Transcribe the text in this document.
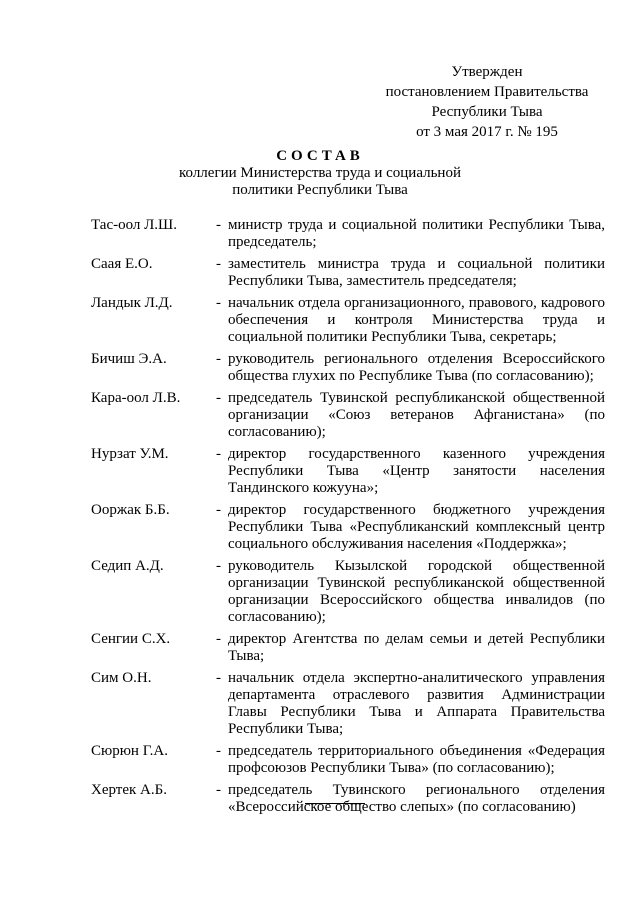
Утвержден
постановлением Правительства
Республики Тыва
от 3 мая 2017 г. № 195
СОСТАВ
коллегии Министерства труда и социальной
политики Республики Тыва
Тас-оол Л.Ш.	- министр труда и социальной политики Республики Тыва, председатель;
Саая Е.О.	- заместитель министра труда и социальной политики Республики Тыва, заместитель председателя;
Ландык Л.Д.	- начальник отдела организационного, правового, кадрового обеспечения и контроля Министерства труда и социальной политики Республики Тыва, секретарь;
Бичиш Э.А.	- руководитель регионального отделения Всероссийского общества глухих по Республике Тыва (по согласованию);
Кара-оол Л.В. - председатель Тувинской республиканской общественной организации «Союз ветеранов Афганистана» (по согласованию);
Нурзат У.М.	- директор государственного казенного учреждения Республики Тыва «Центр занятости населения Тандинского кожууна»;
Ооржак Б.Б.	- директор государственного бюджетного учреждения Республики Тыва «Республиканский комплексный центр социального обслуживания населения «Поддержка»;
Седип А.Д.	- руководитель Кызылской городской общественной организации Тувинской республиканской общественной организации Всероссийского общества инвалидов (по согласованию);
Сенгии С.Х.	- директор Агентства по делам семьи и детей Республики Тыва;
Сим О.Н.	- начальник отдела экспертно-аналитического управления департамента отраслевого развития Администрации Главы Республики Тыва и Аппарата Правительства Республики Тыва;
Сюрюн Г.А.	- председатель территориального объединения «Федерация профсоюзов Республики Тыва» (по согласованию);
Хертек А.Б.	- председатель Тувинского регионального отделения «Всероссийское общество слепых» (по согласованию)
